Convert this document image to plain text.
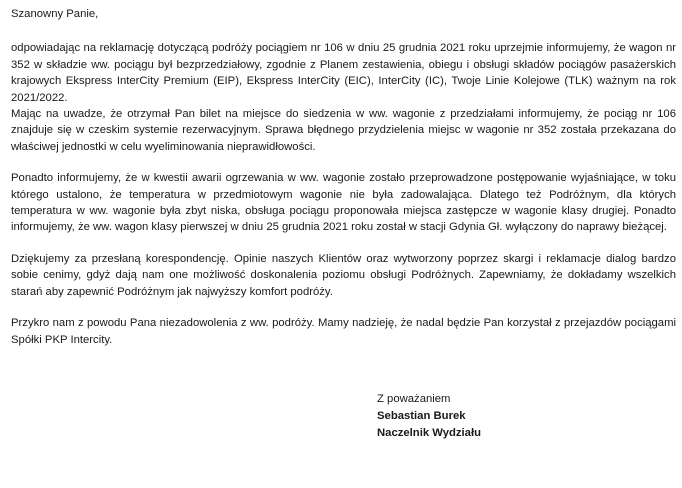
Szanowny Panie,

odpowiadając na reklamację dotyczącą podróży pociągiem nr 106 w dniu 25 grudnia 2021 roku uprzejmie informujemy, że wagon nr 352 w składzie ww. pociągu był bezprzedziałowy, zgodnie z Planem zestawienia, obiegu i obsługi składów pociągów pasażerskich krajowych Ekspress InterCity Premium (EIP), Ekspress InterCity (EIC), InterCity (IC), Twoje Linie Kolejowe (TLK) ważnym na rok 2021/2022.
Mając na uwadze, że otrzymał Pan bilet na miejsce do siedzenia w ww. wagonie z przedziałami informujemy, że pociąg nr 106 znajduje się w czeskim systemie rezerwacyjnym. Sprawa błędnego przydzielenia miejsc w wagonie nr 352 została przekazana do właściwej jednostki w celu wyeliminowania nieprawidłowości.

Ponadto informujemy, że w kwestii awarii ogrzewania w ww. wagonie zostało przeprowadzone postępowanie wyjaśniające, w toku którego ustalono, że temperatura w przedmiotowym wagonie nie była zadowalająca. Dlatego też Podróżnym, dla których temperatura w ww. wagonie była zbyt niska, obsługa pociągu proponowała miejsca zastępcze w wagonie klasy drugiej. Ponadto informujemy, że ww. wagon klasy pierwszej w dniu 25 grudnia 2021 roku został w stacji Gdynia Gł. wyłączony do naprawy bieżącej.

Dziękujemy za przesłaną korespondencję. Opinie naszych Klientów oraz wytworzony poprzez skargi i reklamacje dialog bardzo sobie cenimy, gdyż dają nam one możliwość doskonalenia poziomu obsługi Podróżnych. Zapewniamy, że dokładamy wszelkich starań aby zapewnić Podróżnym jak najwyższy komfort podróży.

Przykro nam z powodu Pana niezadowolenia z ww. podróży. Mamy nadzieję, że nadal będzie Pan korzystał z przejazdów pociągami Spółki PKP Intercity.

Z poważaniem
Sebastian Burek
Naczelnik Wydziału
